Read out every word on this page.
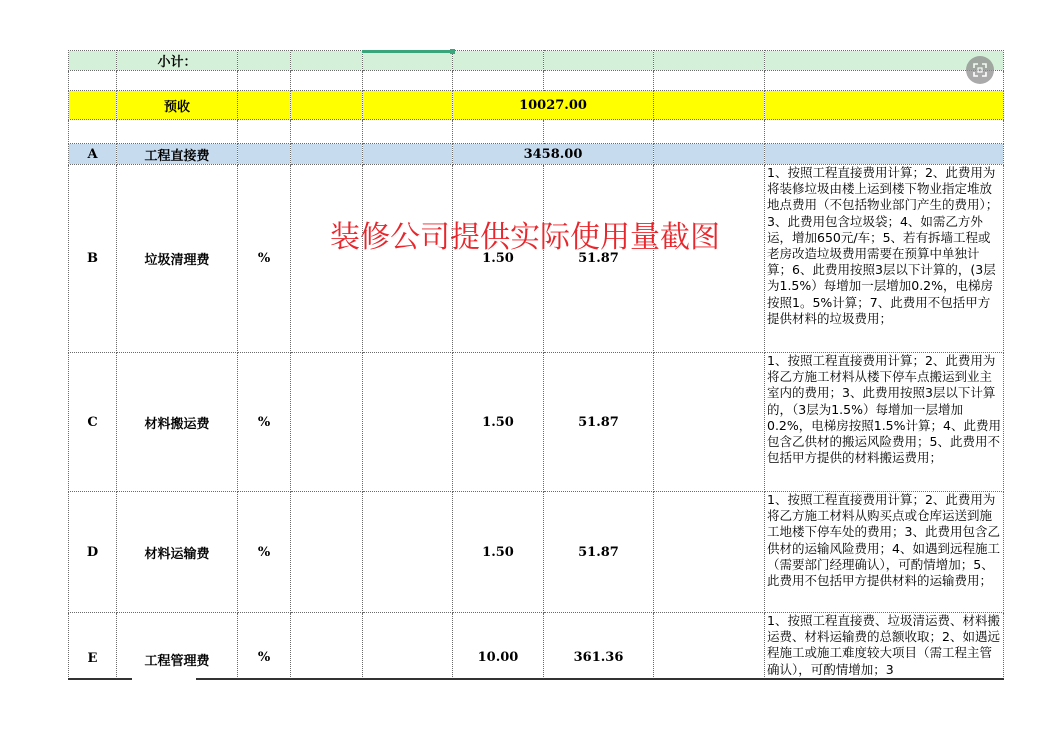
	小计：							

	预收				10027.00			

A	工程直接费				3458.00			
B	垃圾清理费	%			1.50	51.87		1、按照工程直接费用计算；2、此费用为将装修垃圾由楼上运到楼下物业指定堆放地点费用（不包括物业部门产生的费用）；3、此费用包含垃圾袋；4、如需乙方外运，增加650元/车；5、若有拆墙工程或老房改造垃圾费用需要在预算中单独计算；6、此费用按照3层以下计算的，(3层为1.5%）每增加一层增加0.2%，电梯房按照1。5%计算；7、此费用不包括甲方提供材料的垃圾费用；
C	材料搬运费	%			1.50	51.87		1、按照工程直接费用计算；2、此费用为将乙方施工材料从楼下停车点搬运到业主室内的费用；3、此费用按照3层以下计算的，（3层为1.5%）每增加一层增加0.2%，电梯房按照1.5%计算；4、此费用包含乙供材的搬运风险费用；5、此费用不包括甲方提供的材料搬运费用；
D	材料运输费	%			1.50	51.87		1、按照工程直接费用计算；2、此费用为将乙方施工材料从购买点或仓库运送到施工地楼下停车处的费用；3、此费用包含乙供材的运输风险费用；4、如遇到远程施工（需要部门经理确认），可酌情增加；5、此费用不包括甲方提供材料的运输费用；
E	工程管理费	%			10.00	361.36		1、按照工程直接费、垃圾清运费、材料搬运费、材料运输费的总额收取；2、如遇远程施工或施工难度较大项目（需工程主管确认），可酌情增加；3
装修公司提供实际使用量截图
